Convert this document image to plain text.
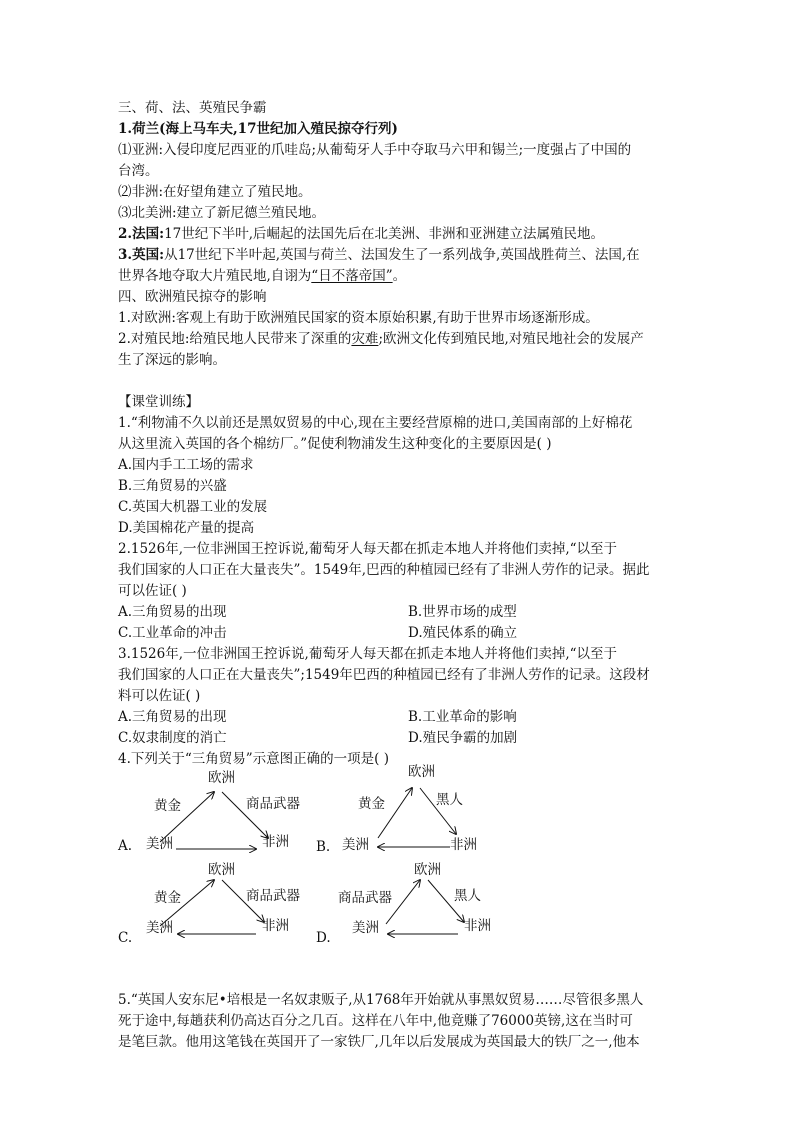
三、荷、法、英殖民争霸
1.荷兰(海上马车夫,17世纪加入殖民掠夺行列)
⑴亚洲:入侵印度尼西亚的爪哇岛;从葡萄牙人手中夺取马六甲和锡兰;一度强占了中国的
台湾。
⑵非洲:在好望角建立了殖民地。
⑶北美洲:建立了新尼德兰殖民地。
2.法国:17世纪下半叶,后崛起的法国先后在北美洲、非洲和亚洲建立法属殖民地。
3.英国:从17世纪下半叶起,英国与荷兰、法国发生了一系列战争,英国战胜荷兰、法国,在
世界各地夺取大片殖民地,自诩为“日不落帝国”。
四、欧洲殖民掠夺的影响
1.对欧洲:客观上有助于欧洲殖民国家的资本原始积累,有助于世界市场逐渐形成。
2.对殖民地:给殖民地人民带来了深重的灾难;欧洲文化传到殖民地,对殖民地社会的发展产
生了深远的影响。
【课堂训练】
1.“利物浦不久以前还是黑奴贸易的中心,现在主要经营原棉的进口,美国南部的上好棉花
从这里流入英国的各个棉纺厂。”促使利物浦发生这种变化的主要原因是( )
A.国内手工工场的需求
B.三角贸易的兴盛
C.英国大机器工业的发展
D.美国棉花产量的提高
2.1526年,一位非洲国王控诉说,葡萄牙人每天都在抓走本地人并将他们卖掉,“以至于
我们国家的人口正在大量丧失”。1549年,巴西的种植园已经有了非洲人劳作的记录。据此
可以佐证( )
A.三角贸易的出现	B.世界市场的成型
C.工业革命的冲击	D.殖民体系的确立
3.1526年,一位非洲国王控诉说,葡萄牙人每天都在抓走本地人并将他们卖掉,“以至于
我们国家的人口正在大量丧失”;1549年巴西的种植园已经有了非洲人劳作的记录。这段材
料可以佐证( )
A.三角贸易的出现	B.工业革命的影响
C.奴隶制度的消亡	D.殖民争霸的加剧
4.下列关于“三角贸易”示意图正确的一项是( )
欧洲
黄金	商品武器
美洲	非洲
A.
欧洲
黄金	黑人
美洲	非洲
B.
欧洲
黄金	商品武器
美洲	非洲
C.
欧洲
商品武器	黑人
美洲	非洲
D.
5.“英国人安东尼•培根是一名奴隶贩子,从1768年开始就从事黑奴贸易……尽管很多黑人
死于途中,每趟获利仍高达百分之几百。这样在八年中,他竟赚了76000英镑,这在当时可
是笔巨款。他用这笔钱在英国开了一家铁厂,几年以后发展成为英国最大的铁厂之一,他本
